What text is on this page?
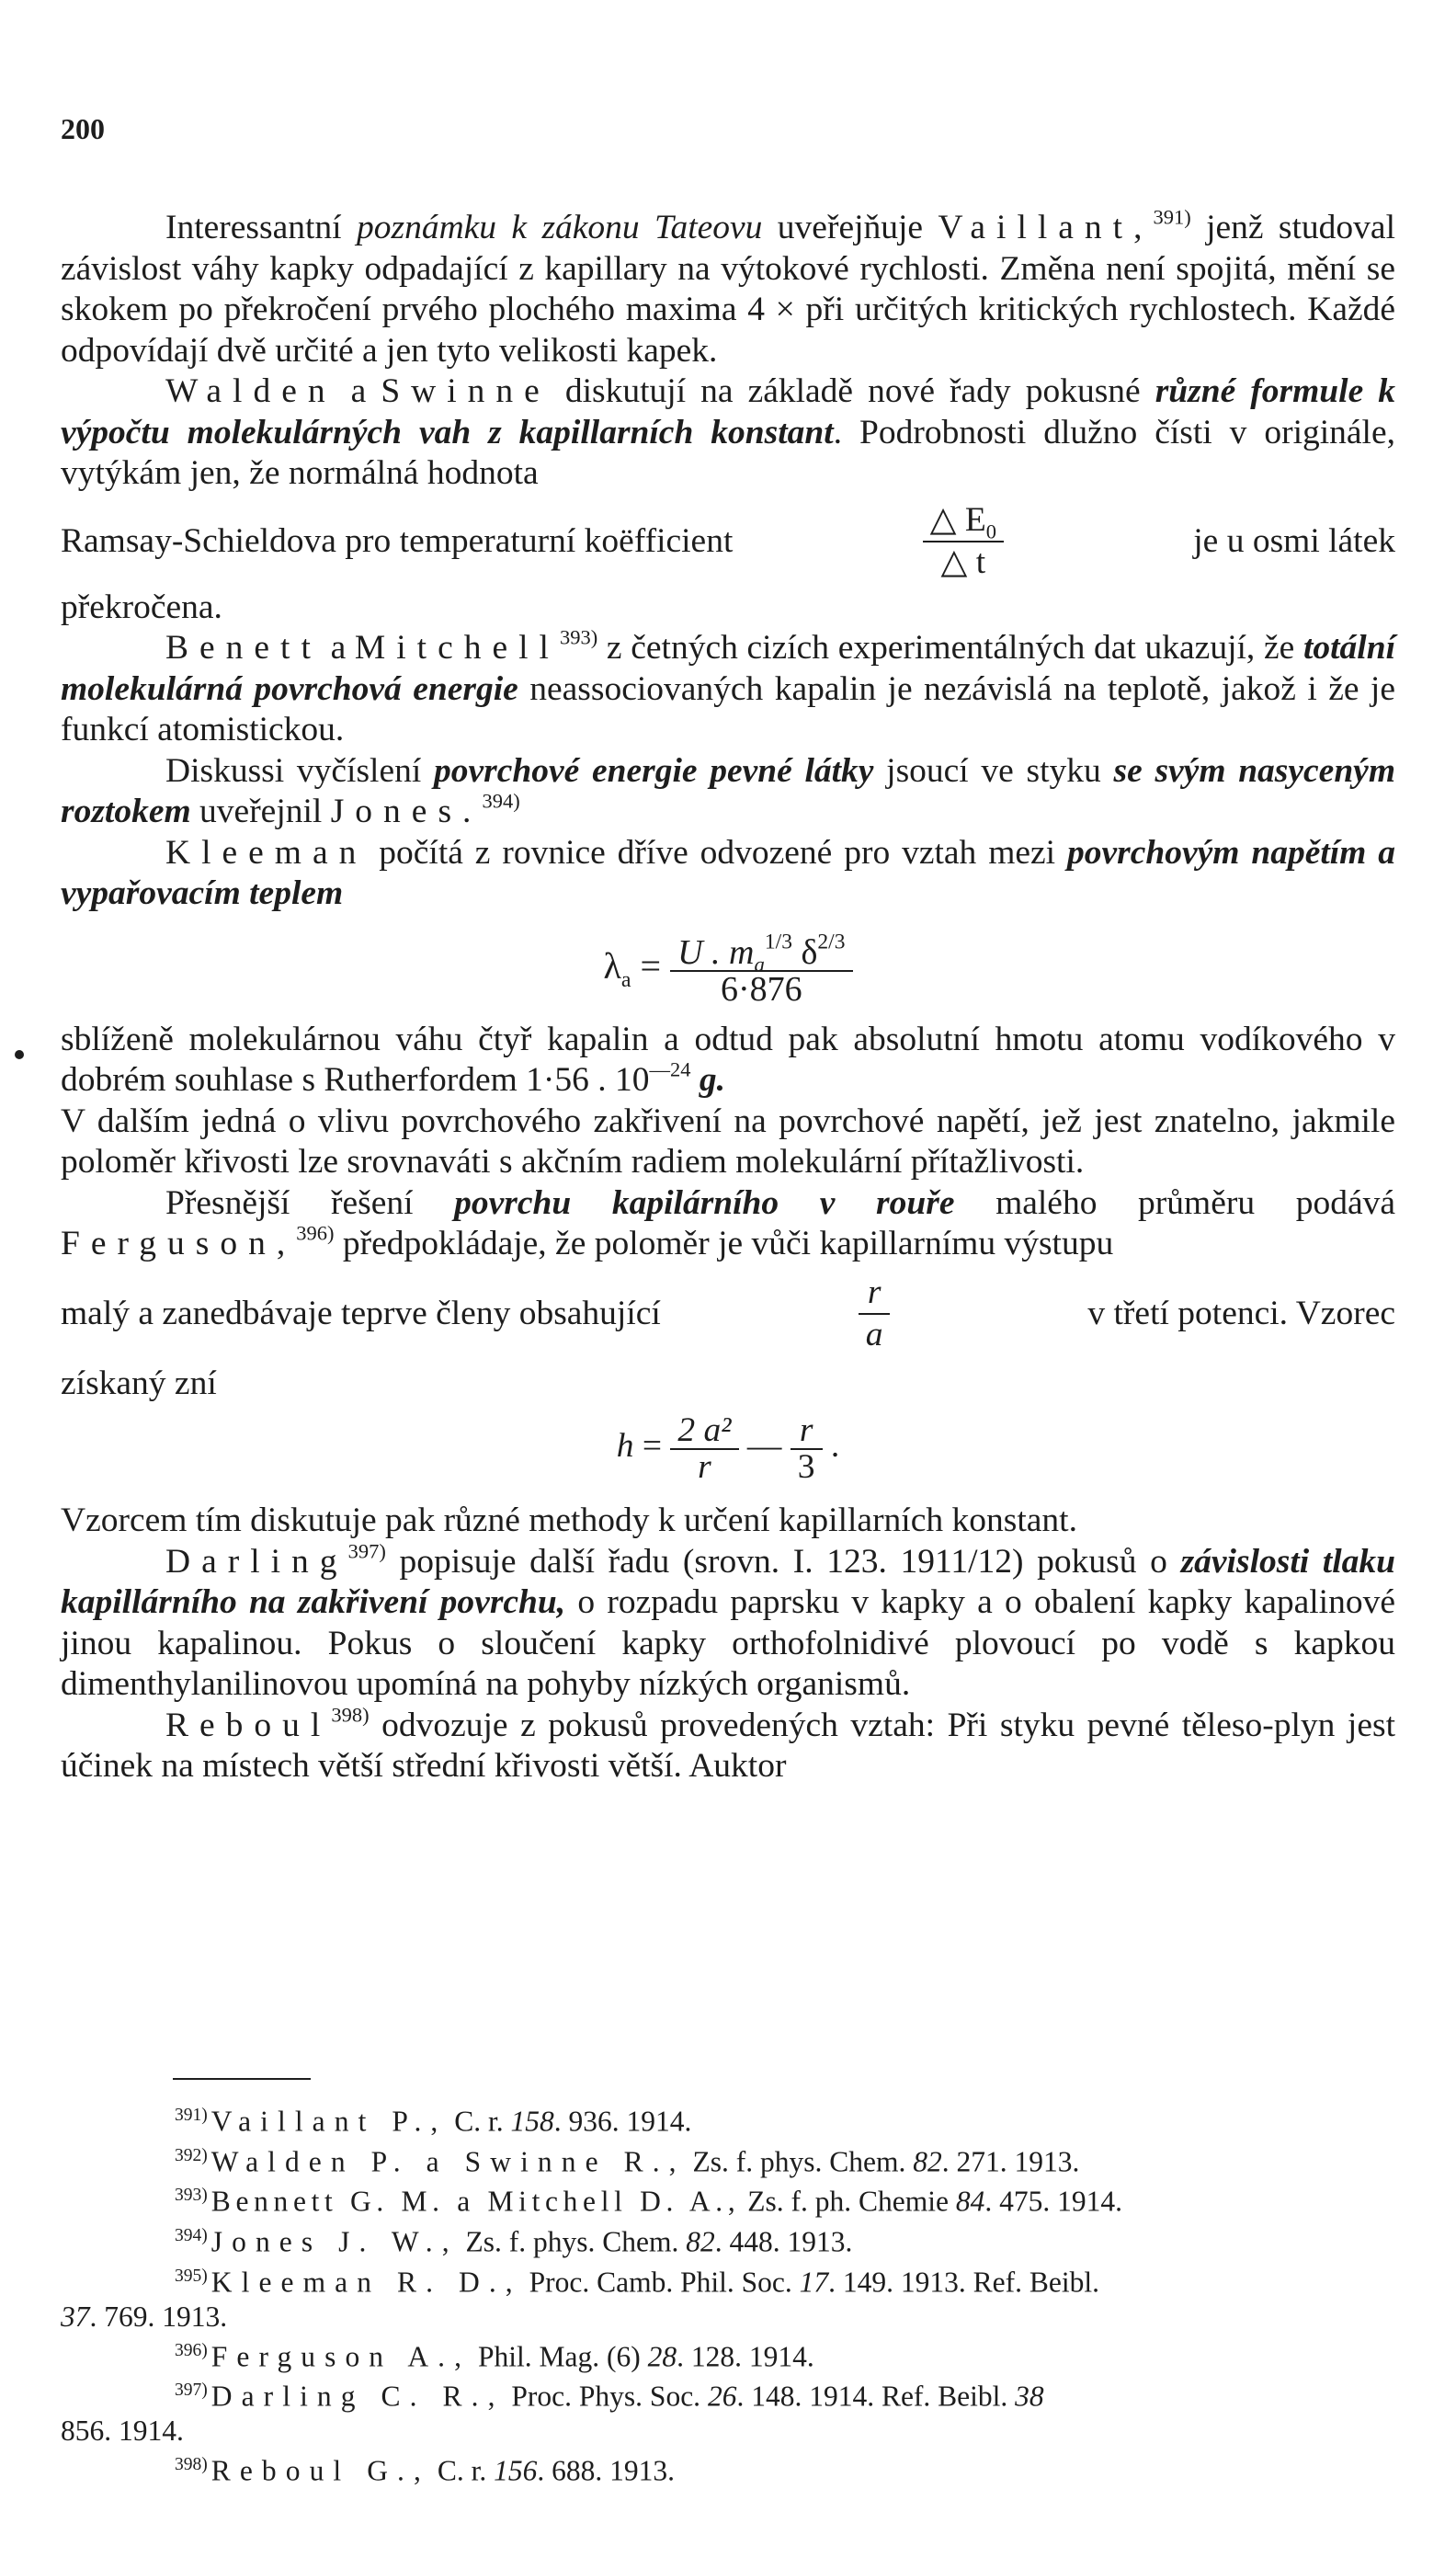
200

Interessantní poznámku k zákonu Tateovu uveřejňuje Vaillant,$^{391)}$ jenž studoval závislost váhy kapky odpadající z kapillary na výtokové rychlosti. Změna není spojitá, mění se skokem po překročení prvého plochého maxima 4 × při určitých kritických rychlostech. Každé odpovídají dvě určité a jen tyto velikosti kapek.

Walden a Swinne diskutují na základě nové řady pokusné různé formule k výpočtu molekulárných vah z kapillarních konstant. Podrobnosti dlužno čísti v originále, vytýkám jen, že normálná hodnota

Ramsay-Schieldova pro temperaturní koëfficient	$\frac{\triangle E_0}{\triangle t}$	je u osmi látek

překročena.

Benett a Mitchell$^{393)}$ z četných cizích experimentálných dat ukazují, že totální molekulárná povrchová energie neassociovaných kapalin je nezávislá na teplotě, jakož i že je funkcí atomistickou.

Diskussi vyčíslení povrchové energie pevné látky jsoucí ve styku se svým nasyceným roztokem uveřejnil Jones.$^{394)}$

Kleeman počítá z rovnice dříve odvozené pro vztah mezi povrchovým napětím a vypařovacím teplem

$\lambda_a = \frac{U . m_a^{1/3} \delta^{2/3}}{6\cdot 876}$

sblíženě molekulárnou váhu čtyř kapalin a odtud pak absolutní hmotu atomu vodíkového v dobrém souhlase s Rutherfordem 1·56 . $10^{—24}$ g.

V dalším jedná o vlivu povrchového zakřivení na povrchové napětí, jež jest znatelno, jakmile poloměr křivosti lze srovnaváti s akčním radiem molekulární přítažlivosti.

Přesnější řešení povrchu kapilárního v rouře malého průměru podává Ferguson,$^{396)}$ předpokládaje, že poloměr je vůči kapillarnímu výstupu

malý a zanedbávaje teprve členy obsahující	$\frac{r}{a}$	v třetí potenci. Vzorec

získaný zní

$h = \frac{\text{2 a²}}{r}$ — $\frac{r}{3}$ .

Vzorcem tím diskutuje pak různé methody k určení kapillarních konstant.

Darling$^{397)}$ popisuje další řadu (srovn. I. 123. 1911/12) pokusů o závislosti tlaku kapillárního na zakřivení povrchu, o rozpadu paprsku v kapky a o obalení kapky kapalinové jinou kapalinou. Pokus o sloučení kapky orthofolnidivé plovoucí po vodě s kapkou dimenthylanilinovou upomíná na pohyby nízkých organismů.

Reboul$^{398)}$ odvozuje z pokusů provedených vztah: Při styku pevné těleso-plyn jest účinek na místech větší střední křivosti větší. Auktor

$^{391)}$ Vaillant P., C. r. 158. 936. 1914.
$^{392)}$ Walden P. a Swinne R., Zs. f. phys. Chem. 82. 271. 1913.
$^{393)}$ Bennett G. M. a Mitchell D. A., Zs. f. ph. Chemie 84. 475. 1914.
$^{394)}$ Jones J. W., Zs. f. phys. Chem. 82. 448. 1913.
$^{395)}$ Kleeman R. D., Proc. Camb. Phil. Soc. 17. 149. 1913. Ref. Beibl.
37. 769. 1913.
$^{396)}$ Ferguson A., Phil. Mag. (6) 28. 128. 1914.
$^{397)}$ Darling C. R., Proc. Phys. Soc. 26. 148. 1914. Ref. Beibl. 38
856. 1914.
$^{398)}$ Reboul G., C. r. 156. 688. 1913.
